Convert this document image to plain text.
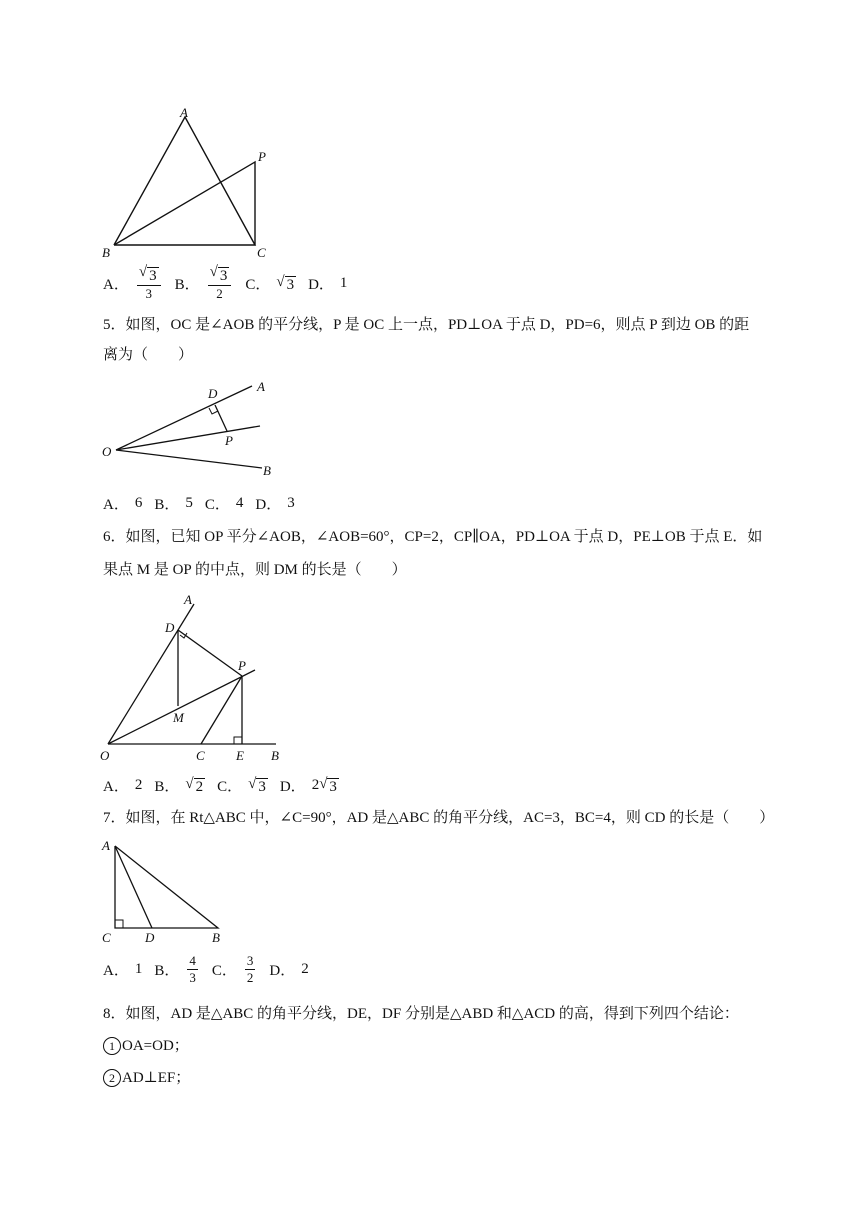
A
P
B	C
A． $\frac{√ 3}{3}$ B． $\frac{√ 3}{2}$ C． √ 3 D． 1
5．如图，OC 是∠AOB 的平分线，P 是 OC 上一点，PD⊥OA 于点 D，PD=6，则点 P 到边 OB 的距
离为（　　）
D	A
O
P
B
A． 6 B． 5 C． 4 D． 3
6．如图，已知 OP 平分∠AOB，∠AOB=60°，CP=2，CP∥OA，PD⊥OA 于点 D，PE⊥OB 于点 E．如
果点 M 是 OP 的中点，则 DM 的长是（　　）
A
D
P
M
O	C E B
A． 2 B． √ 2 C． √ 3 D． 2 √ 3
7．如图，在 Rt△ABC 中，∠C=90°，AD 是△ABC 的角平分线，AC=3，BC=4，则 CD 的长是（　　）
A
C	D	B
A． 1 B． $\frac{4}{3}$ C． $\frac{3}{2}$ D． 2
8．如图，AD 是△ABC 的角平分线，DE，DF 分别是△ABD 和△ACD 的高，得到下列四个结论：
1 OA=OD；
2 AD⊥EF；
